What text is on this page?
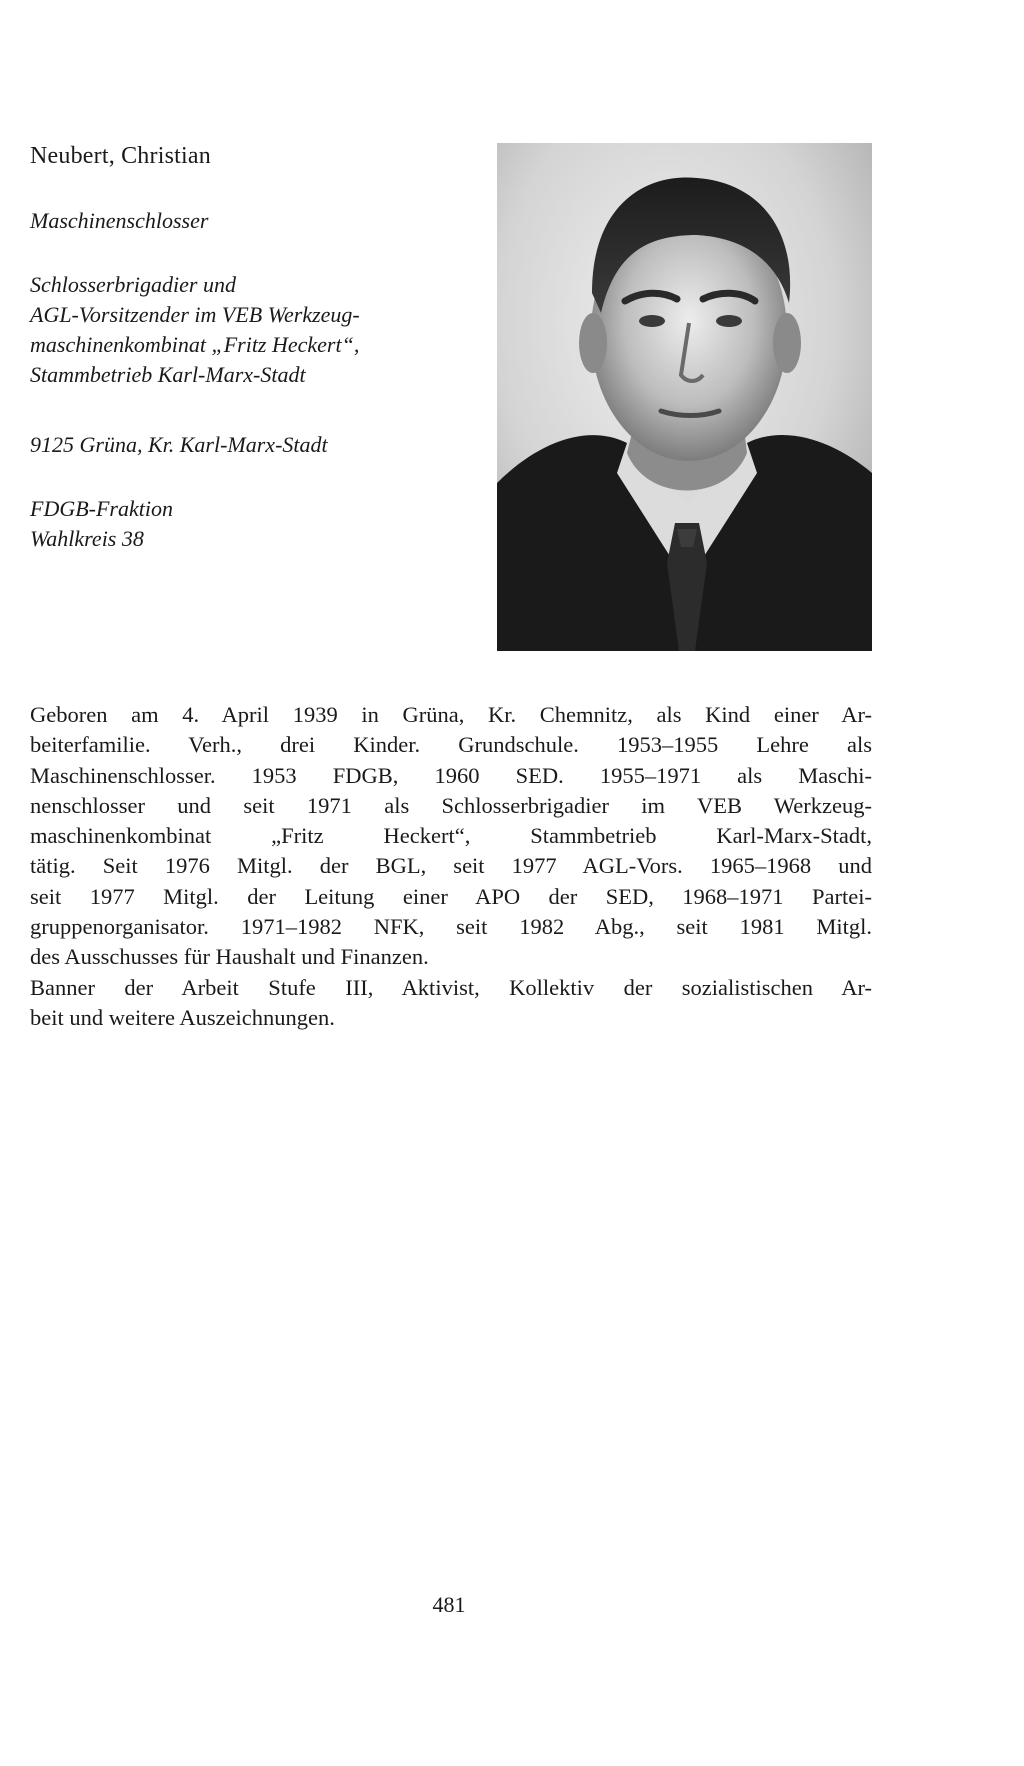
Neubert, Christian
Maschinenschlosser
Schlosserbrigadier und
AGL-Vorsitzender im VEB Werkzeug-
maschinenkombinat „Fritz Heckert“,
Stammbetrieb Karl-Marx-Stadt
9125 Grüna, Kr. Karl-Marx-Stadt
FDGB-Fraktion
Wahlkreis 38
Geboren am 4. April 1939 in Grüna, Kr. Chemnitz, als Kind einer Ar-
beiterfamilie. Verh., drei Kinder. Grundschule. 1953–1955 Lehre als
Maschinenschlosser. 1953 FDGB, 1960 SED. 1955–1971 als Maschi-
nenschlosser und seit 1971 als Schlosserbrigadier im VEB Werkzeug-
maschinenkombinat „Fritz Heckert“, Stammbetrieb Karl-Marx-Stadt,
tätig. Seit 1976 Mitgl. der BGL, seit 1977 AGL-Vors. 1965–1968 und
seit 1977 Mitgl. der Leitung einer APO der SED, 1968–1971 Partei-
gruppenorganisator. 1971–1982 NFK, seit 1982 Abg., seit 1981 Mitgl.
des Ausschusses für Haushalt und Finanzen.
Banner der Arbeit Stufe III, Aktivist, Kollektiv der sozialistischen Ar-
beit und weitere Auszeichnungen.
481
